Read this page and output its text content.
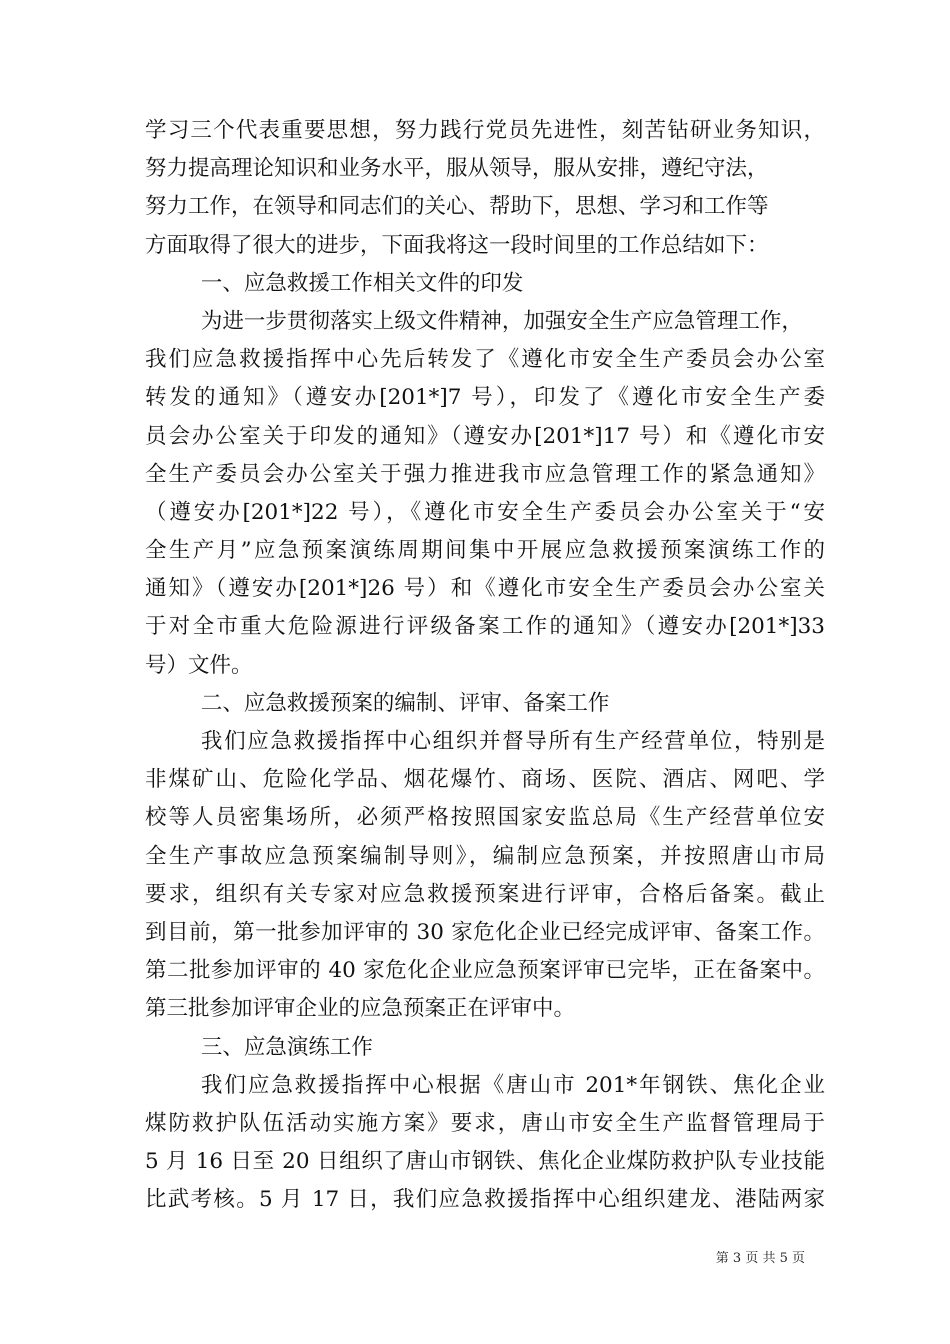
学习三个代表重要思想，努力践行党员先进性，刻苦钻研业务知识，
努力提高理论知识和业务水平，服从领导，服从安排，遵纪守法，
努力工作，在领导和同志们的关心、帮助下，思想、学习和工作等
方面取得了很大的进步，下面我将这一段时间里的工作总结如下：
一、应急救援工作相关文件的印发
为进一步贯彻落实上级文件精神，加强安全生产应急管理工作，
我们应急救援指挥中心先后转发了《遵化市安全生产委员会办公室
转发的通知》（遵安办[201*]7 号），印发了《遵化市安全生产委
员会办公室关于印发的通知》（遵安办[201*]17 号）和《遵化市安
全生产委员会办公室关于强力推进我市应急管理工作的紧急通知》
（遵安办[201*]22 号），《遵化市安全生产委员会办公室关于“安
全生产月”应急预案演练周期间集中开展应急救援预案演练工作的
通知》（遵安办[201*]26 号）和《遵化市安全生产委员会办公室关
于对全市重大危险源进行评级备案工作的通知》（遵安办[201*]33
号）文件。
二、应急救援预案的编制、评审、备案工作
我们应急救援指挥中心组织并督导所有生产经营单位，特别是
非煤矿山、危险化学品、烟花爆竹、商场、医院、酒店、网吧、学
校等人员密集场所，必须严格按照国家安监总局《生产经营单位安
全生产事故应急预案编制导则》，编制应急预案，并按照唐山市局
要求，组织有关专家对应急救援预案进行评审，合格后备案。截止
到目前，第一批参加评审的 30 家危化企业已经完成评审、备案工作。
第二批参加评审的 40 家危化企业应急预案评审已完毕，正在备案中。
第三批参加评审企业的应急预案正在评审中。
三、应急演练工作
我们应急救援指挥中心根据《唐山市 201*年钢铁、焦化企业
煤防救护队伍活动实施方案》要求，唐山市安全生产监督管理局于
5 月 16 日至 20 日组织了唐山市钢铁、焦化企业煤防救护队专业技能
比武考核。5 月 17 日，我们应急救援指挥中心组织建龙、港陆两家
第 3 页 共 5 页
